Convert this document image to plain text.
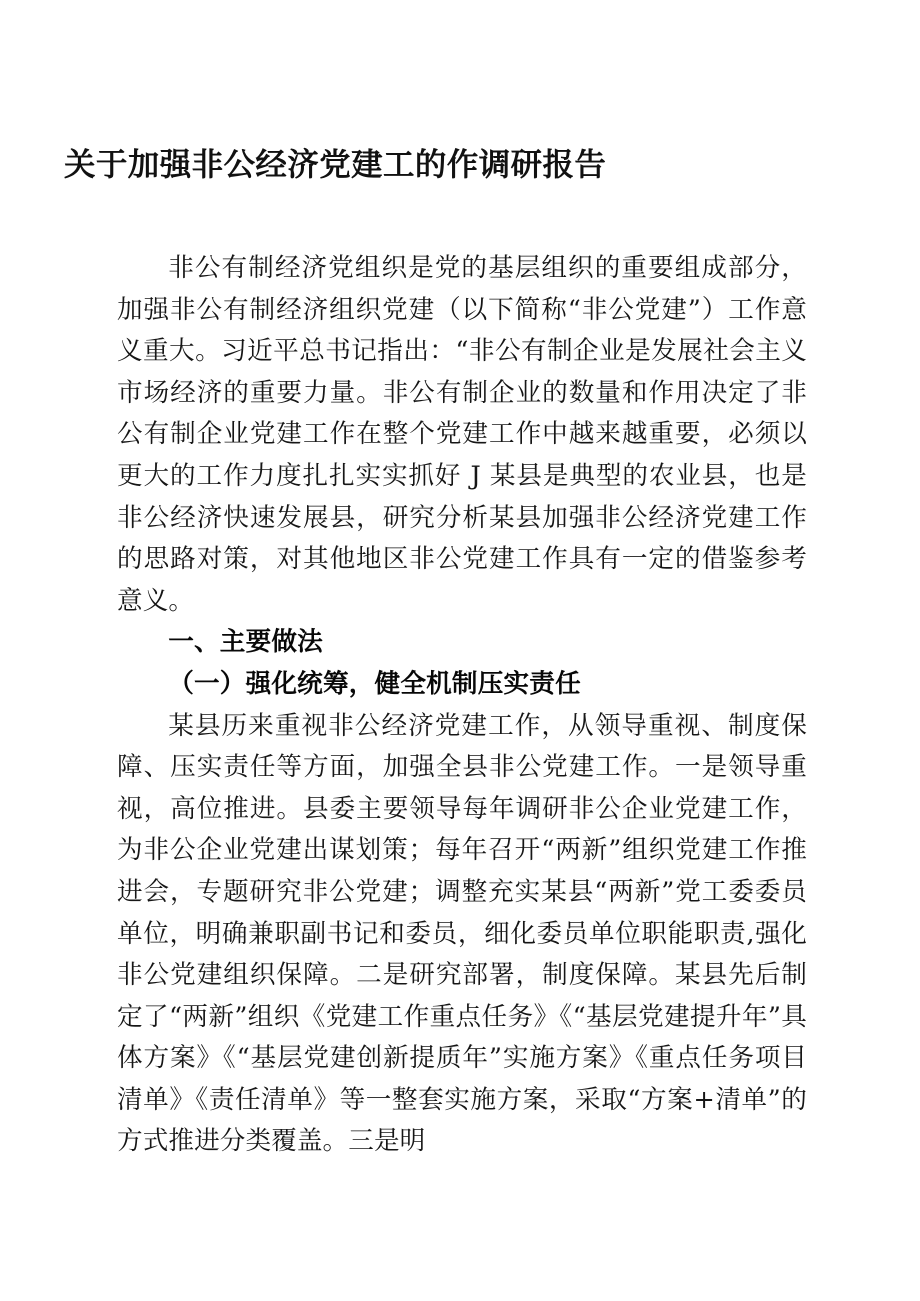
关于加强非公经济党建工的作调研报告

非公有制经济党组织是党的基层组织的重要组成部分，加强非公有制经济组织党建（以下简称“非公党建”）工作意义重大。习近平总书记指出：“非公有制企业是发展社会主义市场经济的重要力量。非公有制企业的数量和作用决定了非公有制企业党建工作在整个党建工作中越来越重要，必须以更大的工作力度扎扎实实抓好 J 某县是典型的农业县，也是非公经济快速发展县，研究分析某县加强非公经济党建工作的思路对策，对其他地区非公党建工作具有一定的借鉴参考意义。

一、主要做法

（一）强化统筹，健全机制压实责任

某县历来重视非公经济党建工作，从领导重视、制度保障、压实责任等方面，加强全县非公党建工作。一是领导重视，高位推进。县委主要领导每年调研非公企业党建工作，为非公企业党建出谋划策；每年召开“两新”组织党建工作推进会，专题研究非公党建；调整充实某县“两新”党工委委员单位，明确兼职副书记和委员，细化委员单位职能职责,强化非公党建组织保障。二是研究部署，制度保障。某县先后制定了“两新”组织《党建工作重点任务》《“基层党建提升年”具体方案》《“基层党建创新提质年”实施方案》《重点任务项目清单》《责任清单》等一整套实施方案，采取“方案+清单”的方式推进分类覆盖。三是明
